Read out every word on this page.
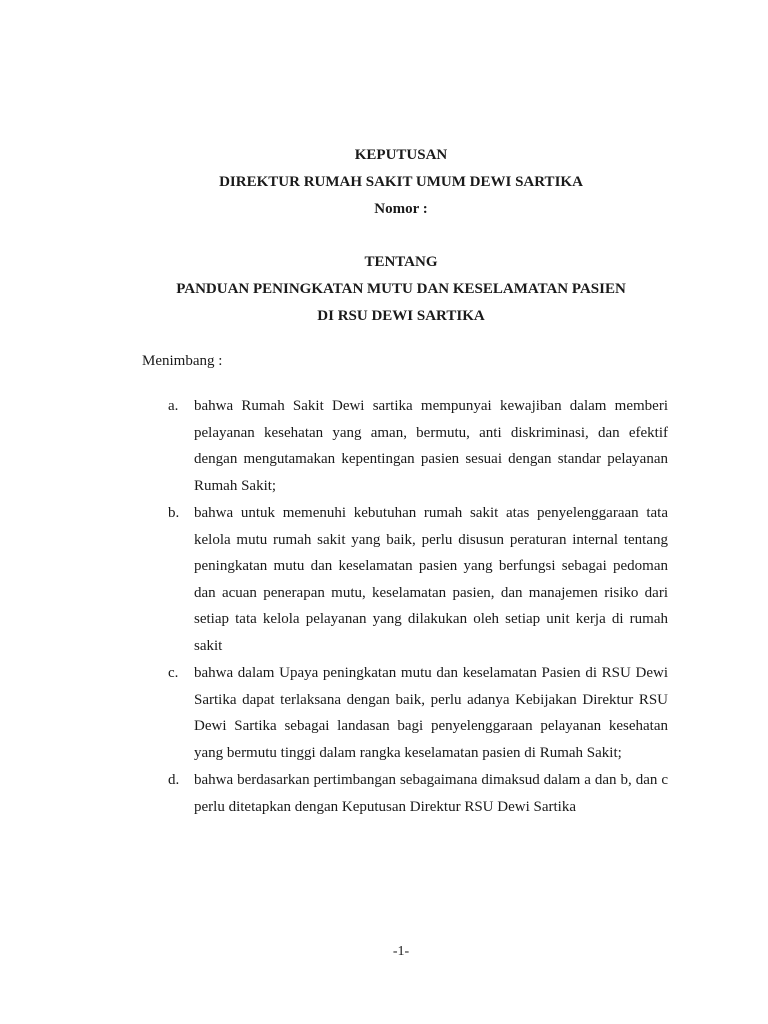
KEPUTUSAN
DIREKTUR RUMAH SAKIT UMUM DEWI SARTIKA
Nomor :
TENTANG
PANDUAN PENINGKATAN MUTU DAN KESELAMATAN PASIEN
DI RSU DEWI SARTIKA
Menimbang :
a. bahwa Rumah Sakit Dewi sartika mempunyai kewajiban dalam memberi pelayanan kesehatan yang aman, bermutu, anti diskriminasi, dan efektif dengan mengutamakan kepentingan pasien sesuai dengan standar pelayanan Rumah Sakit;
b. bahwa untuk memenuhi kebutuhan rumah sakit atas penyelenggaraan tata kelola mutu rumah sakit yang baik, perlu disusun peraturan internal tentang peningkatan mutu dan keselamatan pasien yang berfungsi sebagai pedoman dan acuan penerapan mutu, keselamatan pasien, dan manajemen risiko dari setiap tata kelola pelayanan yang dilakukan oleh setiap unit kerja di rumah sakit
c. bahwa dalam Upaya peningkatan mutu dan keselamatan Pasien di RSU Dewi Sartika dapat terlaksana dengan baik, perlu adanya Kebijakan Direktur RSU Dewi Sartika sebagai landasan bagi penyelenggaraan pelayanan kesehatan yang bermutu tinggi dalam rangka keselamatan pasien di Rumah Sakit;
d. bahwa berdasarkan pertimbangan sebagaimana dimaksud dalam a dan b, dan c perlu ditetapkan dengan Keputusan Direktur RSU Dewi Sartika
-1-
